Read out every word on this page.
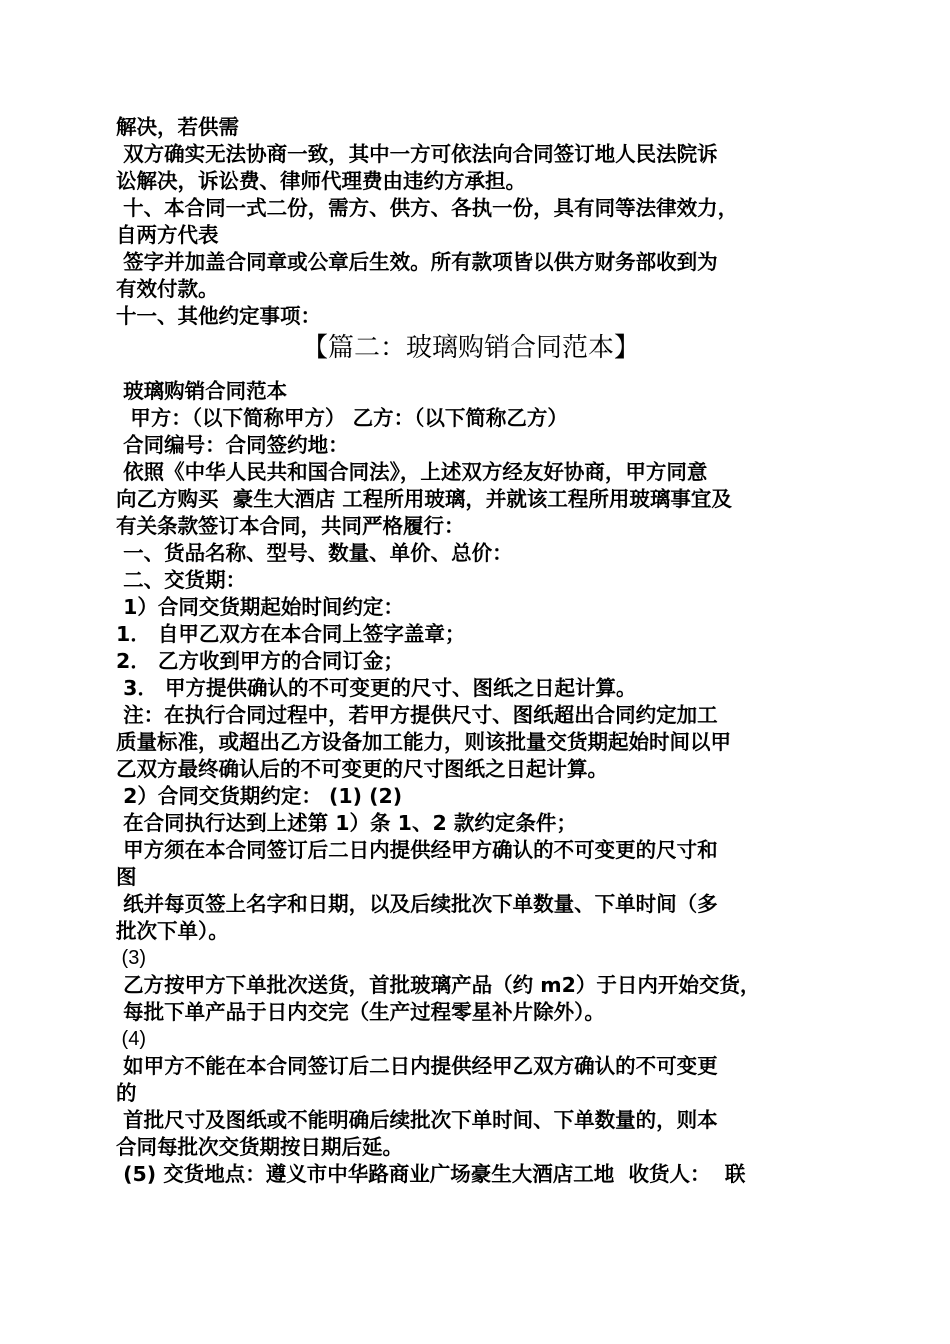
解决，若供需
双方确实无法协商一致，其中一方可依法向合同签订地人民法院诉
讼解决，诉讼费、律师代理费由违约方承担。
十、本合同一式二份，需方、供方、各执一份，具有同等法律效力，
自两方代表
签字并加盖合同章或公章后生效。所有款项皆以供方财务部收到为
有效付款。
十一、其他约定事项：
【篇二：玻璃购销合同范本】
玻璃购销合同范本
甲方：（以下简称甲方） 乙方：（以下简称乙方）
合同编号：合同签约地：
依照《中华人民共和国合同法》，上述双方经友好协商，甲方同意
向乙方购买  豪生大酒店 工程所用玻璃，并就该工程所用玻璃事宜及
有关条款签订本合同，共同严格履行：
一、货品名称、型号、数量、单价、总价：
二、交货期：
1）合同交货期起始时间约定：
1． 自甲乙双方在本合同上签字盖章；
2． 乙方收到甲方的合同订金；
3． 甲方提供确认的不可变更的尺寸、图纸之日起计算。
注：在执行合同过程中，若甲方提供尺寸、图纸超出合同约定加工
质量标准，或超出乙方设备加工能力，则该批量交货期起始时间以甲
乙双方最终确认后的不可变更的尺寸图纸之日起计算。
2）合同交货期约定： (1) (2)
在合同执行达到上述第 1）条 1、2 款约定条件；
甲方须在本合同签订后二日内提供经甲方确认的不可变更的尺寸和
图
纸并每页签上名字和日期，以及后续批次下单数量、下单时间（多
批次下单）。
(3)
乙方按甲方下单批次送货，首批玻璃产品（约 m2）于日内开始交货，
每批下单产品于日内交完（生产过程零星补片除外）。
(4)
如甲方不能在本合同签订后二日内提供经甲乙双方确认的不可变更
的
首批尺寸及图纸或不能明确后续批次下单时间、下单数量的，则本
合同每批次交货期按日期后延。
(5) 交货地点：遵义市中华路商业广场豪生大酒店工地  收货人：  联
